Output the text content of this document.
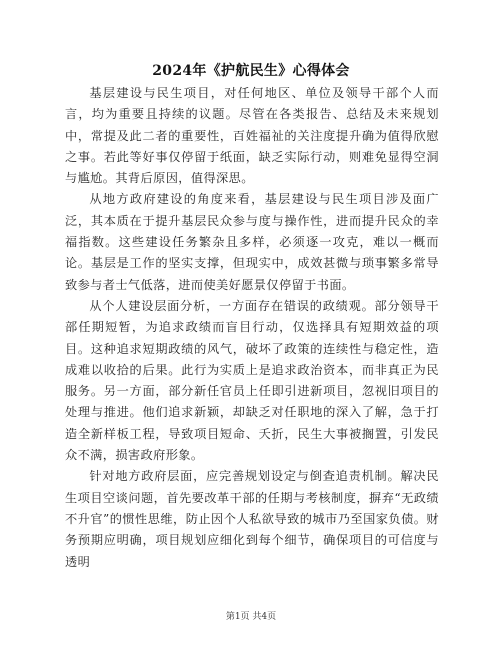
2024年《护航民生》心得体会

基层建设与民生项目，对任何地区、单位及领导干部个人而言，均为重要且持续的议题。尽管在各类报告、总结及未来规划中，常提及此二者的重要性，百姓福祉的关注度提升确为值得欣慰之事。若此等好事仅停留于纸面，缺乏实际行动，则难免显得空洞与尴尬。其背后原因，值得深思。

从地方政府建设的角度来看，基层建设与民生项目涉及面广泛，其本质在于提升基层民众参与度与操作性，进而提升民众的幸福指数。这些建设任务繁杂且多样，必须逐一攻克，难以一概而论。基层是工作的坚实支撑，但现实中，成效甚微与琐事繁多常导致参与者士气低落，进而使美好愿景仅停留于书面。

从个人建设层面分析，一方面存在错误的政绩观。部分领导干部任期短暂，为追求政绩而盲目行动，仅选择具有短期效益的项目。这种追求短期政绩的风气，破坏了政策的连续性与稳定性，造成难以收拾的后果。此行为实质上是追求政治资本，而非真正为民服务。另一方面，部分新任官员上任即引进新项目，忽视旧项目的处理与推进。他们追求新颖，却缺乏对任职地的深入了解，急于打造全新样板工程，导致项目短命、夭折，民生大事被搁置，引发民众不满，损害政府形象。

针对地方政府层面，应完善规划设定与倒查追责机制。解决民生项目空谈问题，首先要改革干部的任期与考核制度，摒弃“无政绩不升官”的惯性思维，防止因个人私欲导致的城市乃至国家负债。财务预期应明确，项目规划应细化到每个细节，确保项目的可信度与透明

第1页 共4页
